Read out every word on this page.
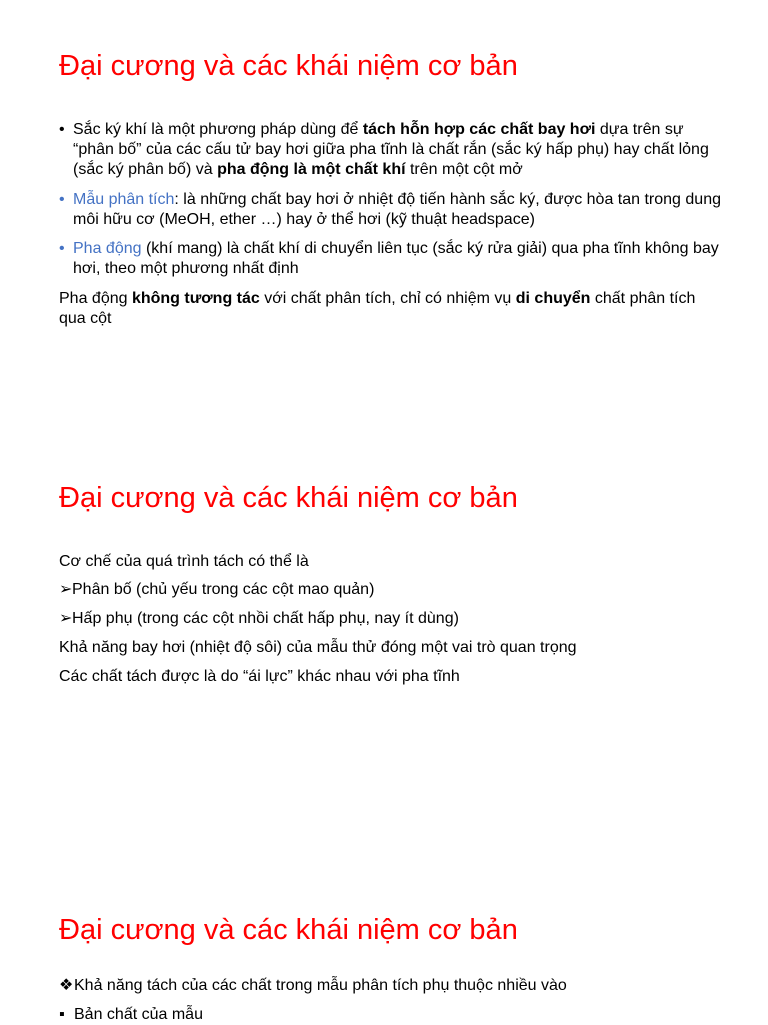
Đại cương và các khái niệm cơ bản
• Sắc ký khí là một phương pháp dùng để tách hỗn hợp các chất bay hơi dựa trên sự “phân bố” của các cấu tử bay hơi giữa pha tĩnh là chất rắn (sắc ký hấp phụ) hay chất lỏng (sắc ký phân bố) và pha động là một chất khí trên một cột mở

• Mẫu phân tích: là những chất bay hơi ở nhiệt độ tiến hành sắc ký, được hòa tan trong dung môi hữu cơ (MeOH, ether …) hay ở thể hơi (kỹ thuật headspace)

• Pha động (khí mang) là chất khí di chuyển liên tục (sắc ký rửa giải) qua pha tĩnh không bay hơi, theo một phương nhất định

Pha động không tương tác với chất phân tích, chỉ có nhiệm vụ di chuyển chất phân tích qua cột

Đại cương và các khái niệm cơ bản

Cơ chế của quá trình tách có thể là

➢Phân bố (chủ yếu trong các cột mao quản)

➢Hấp phụ (trong các cột nhồi chất hấp phụ, nay ít dùng)

Khả năng bay hơi (nhiệt độ sôi) của mẫu thử đóng một vai trò quan trọng

Các chất tách được là do “ái lực” khác nhau với pha tĩnh

Đại cương và các khái niệm cơ bản

❖Khả năng tách của các chất trong mẫu phân tích phụ thuộc nhiều vào

▪ Bản chất của mẫu
